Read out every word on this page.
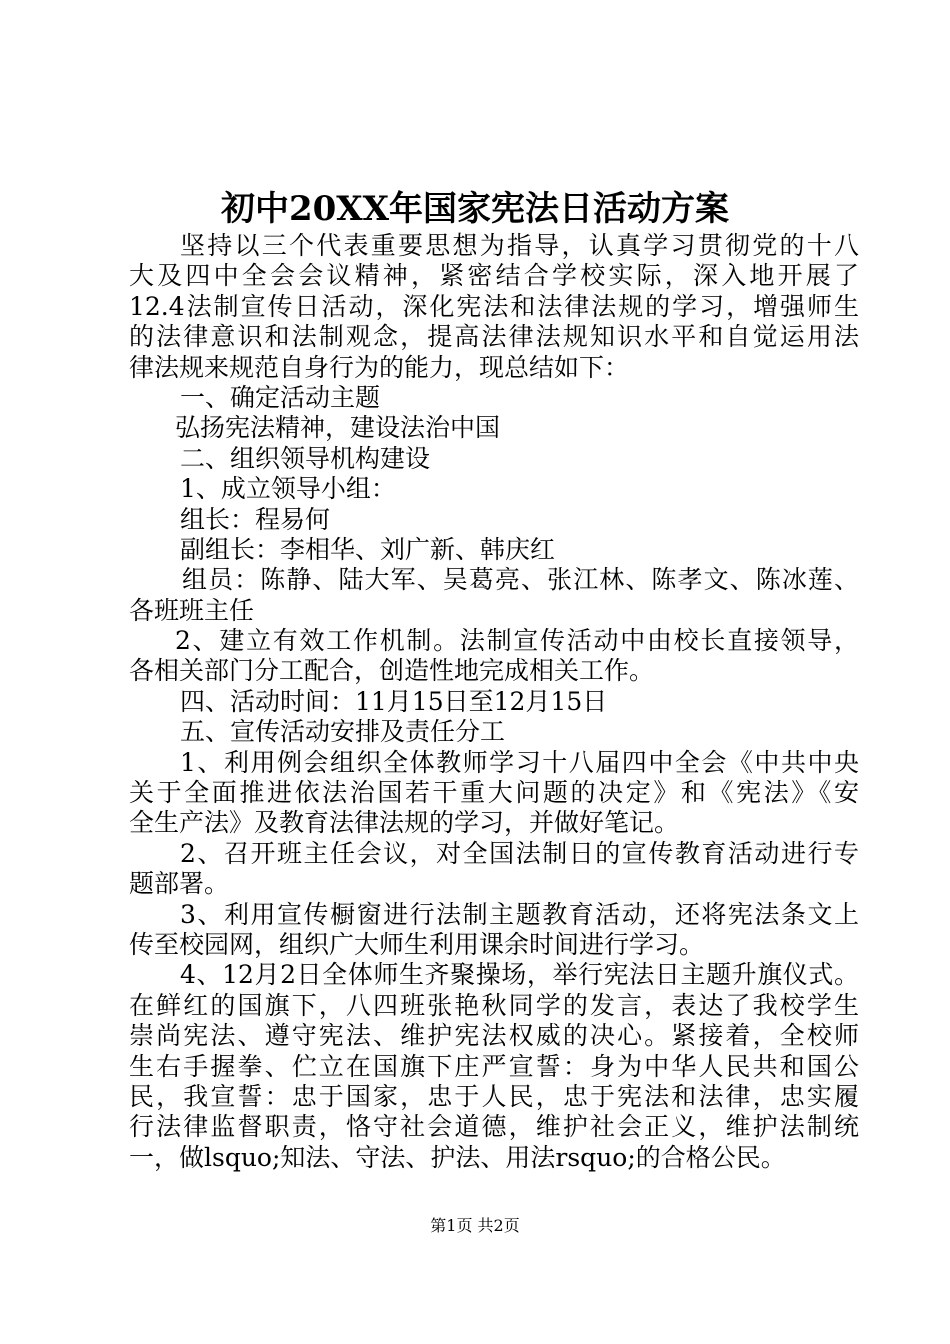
初中20XX年国家宪法日活动方案
坚持以三个代表重要思想为指导，认真学习贯彻党的十八
大及四中全会会议精神，紧密结合学校实际，深入地开展了
12.4法制宣传日活动，深化宪法和法律法规的学习，增强师生
的法律意识和法制观念，提高法律法规知识水平和自觉运用法
律法规来规范自身行为的能力，现总结如下：
一、确定活动主题
弘扬宪法精神，建设法治中国
二、组织领导机构建设
1、成立领导小组：
组长：程易何
副组长：李相华、刘广新、韩庆红
组员：陈静、陆大军、吴葛亮、张江林、陈孝文、陈冰莲、
各班班主任
2、建立有效工作机制。法制宣传活动中由校长直接领导，
各相关部门分工配合，创造性地完成相关工作。
四、活动时间：11月15日至12月15日
五、宣传活动安排及责任分工
1、利用例会组织全体教师学习十八届四中全会《中共中央
关于全面推进依法治国若干重大问题的决定》和《宪法》《安
全生产法》及教育法律法规的学习，并做好笔记。
2、召开班主任会议，对全国法制日的宣传教育活动进行专
题部署。
3、利用宣传橱窗进行法制主题教育活动，还将宪法条文上
传至校园网，组织广大师生利用课余时间进行学习。
4、12月2日全体师生齐聚操场，举行宪法日主题升旗仪式。
在鲜红的国旗下，八四班张艳秋同学的发言，表达了我校学生
崇尚宪法、遵守宪法、维护宪法权威的决心。紧接着，全校师
生右手握拳、伫立在国旗下庄严宣誓：身为中华人民共和国公
民，我宣誓：忠于国家，忠于人民，忠于宪法和法律，忠实履
行法律监督职责，恪守社会道德，维护社会正义，维护法制统
一，做lsquo;知法、守法、护法、用法rsquo;的合格公民。
第1页 共2页
